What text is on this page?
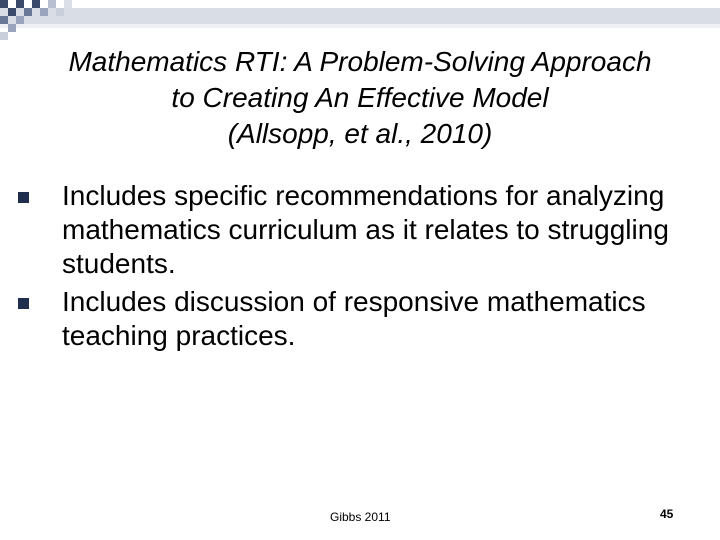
Mathematics RTI: A Problem-Solving Approach
to Creating An Effective Model
(Allsopp, et al., 2010)
Includes specific recommendations for analyzing mathematics curriculum as it relates to struggling students.
Includes discussion of responsive mathematics teaching practices.
Gibbs 2011	45
